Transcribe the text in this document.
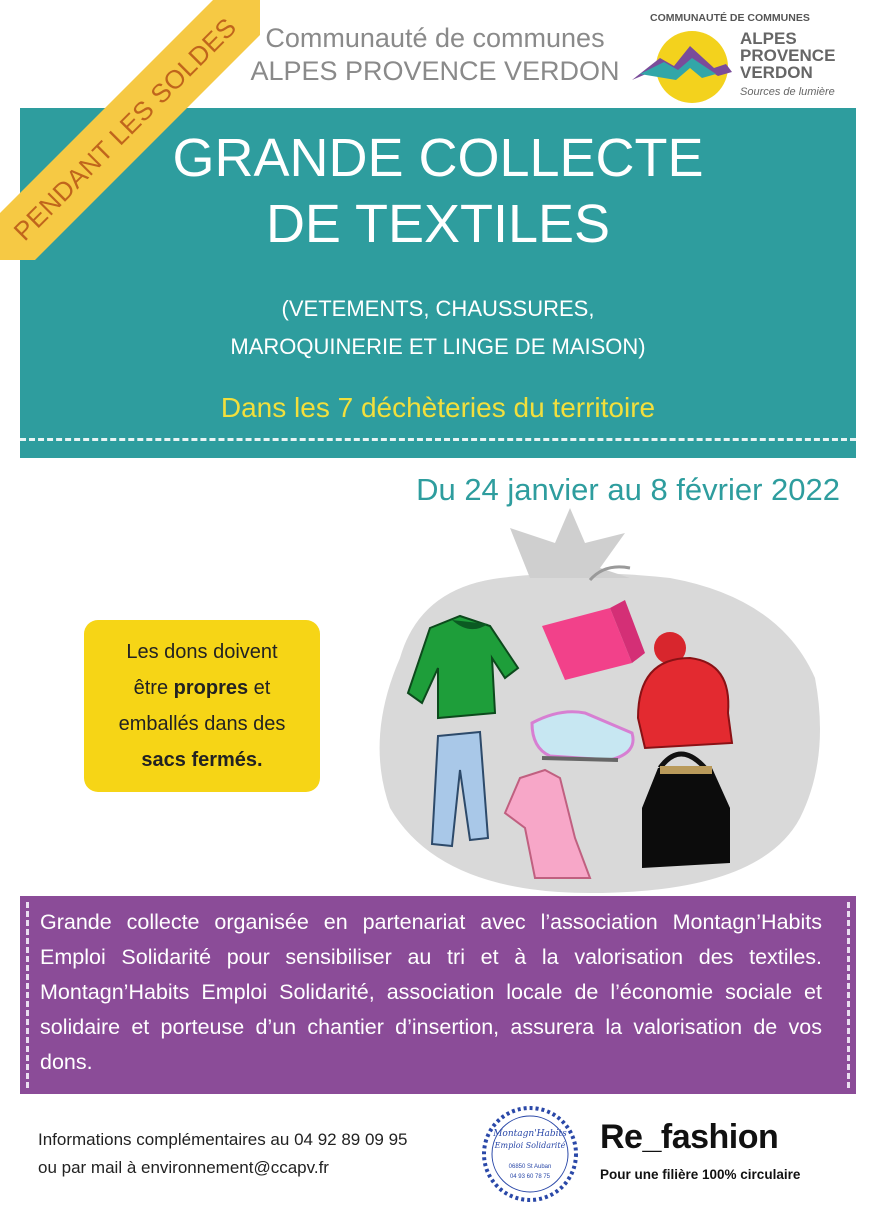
Communauté de communes
ALPES PROVENCE VERDON
COMMUNAUTÉ DE COMMUNES
ALPES
PROVENCE
VERDON
Sources de lumière
GRANDE COLLECTE
DE TEXTILES
(VETEMENTS, CHAUSSURES,
MAROQUINERIE ET LINGE DE MAISON)
Dans les 7 déchèteries du territoire
PENDANT LES SOLDES
Du 24 janvier au 8 février 2022
Les dons doivent
être propres et
emballés dans des
sacs fermés.
Grande collecte organisée en partenariat avec l’association Montagn’Habits Emploi Solidarité pour sensibiliser au tri et à la valorisation des textiles. Montagn’Habits Emploi Solidarité, association locale de l’économie sociale et solidaire et porteuse d’un chantier d’insertion, assurera la valorisation de vos dons.
Informations complémentaires au 04 92 89 09 95
ou par mail à environnement@ccapv.fr
Montagn'Habits
Emploi Solidarité
06850 St Auban
04 93 60 78 75
Re_fashion
Pour une filière 100% circulaire
